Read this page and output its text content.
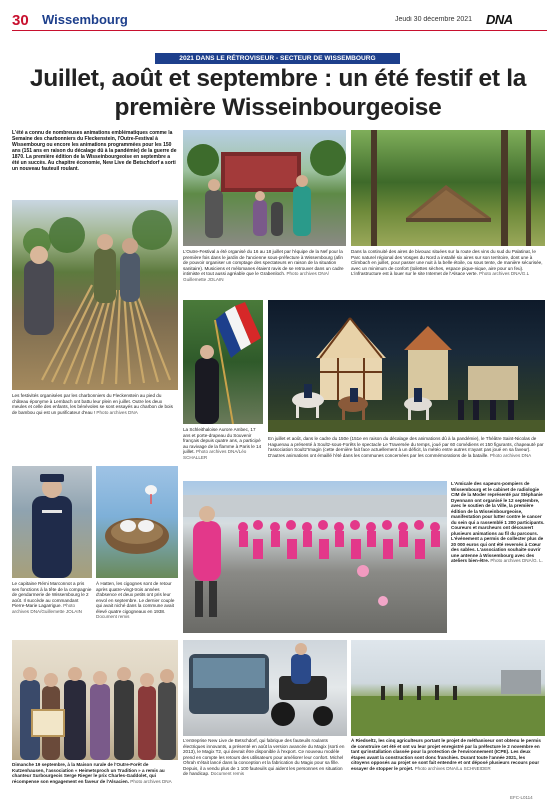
30 Wissembourg	Jeudi 30 décembre 2021 DNA
2021 DANS LE RÉTROVISEUR - SECTEUR DE WISSEMBOURG
Juillet, août et septembre : un été festif et la première Wisseinbourgeoise
L'été a connu de nombreuses animations emblématiques comme la Semaine des charbonniers du Fleckenstein, l'Outre-Festival à Wissembourg ou encore les animations programmées pour les 150 ans (151 ans en raison du décalage dû à la pandémie) de la guerre de 1870. La première édition de la Wisseinbourgeoise en septembre a été un succès. Au chapitre économie, New Live de Betschdorf a sorti un nouveau fauteuil roulant.
Les festivités organisées par les charbonniers du Fleckenstein au pied du château éponyme à Lembach ont battu leur plein en juillet. Outre les deux meules et celle des enfants, les bénévoles se sont essayés au charbon de bois de bambou qui est un purificateur d'eau ! Photo archives DNA
L'Outre-Festival a été organisé du 16 au 18 juillet par l'équipe de la Nef pour la première fois dans le jardin de l'ancienne sous-préfecture à Wissembourg (afin de pouvoir organiser un comptage des spectateurs en raison de la situation sanitaire). Musiciens et mélomanes étaient ravis de se retrouver dans un cadre intimiste et tout aussi agréable que le Grabenloch. Photo archives DNA/ Guillemette JOLAIN
Dans la continuité des aires de bivouac situées sur la route des vins du sud du Palatinat, le Parc naturel régional des Vosges du Nord a installé six aires sur son territoire, dont une à Climbach en juillet, pour passer une nuit à la belle étoile, ou sous tente, de manière sécurisée, avec un minimum de confort (toilettes sèches, espace pique-nique, aire pour un feu). L'infrastructure est à louer sur le site Internet de l'Alsace verte. Photo archives DNA/G.L
La Schleithaloise Aurore Ambec, 17 ans et porte-drapeau du Souvenir français depuis quatre ans, a participé au ravivage de la flamme à Paris le 14 juillet. Photo archives DNA/Léo SCHALLER
En juillet et août, dans le cadre du 150e (151e en raison du décalage des animations dû à la pandémie), le Théâtre Saint-Nicolas de Haguenau a présenté à Soultz-sous-Forêts le spectacle Le Traversée du temps, joué par 60 comédiens et 150 figurants, chapeauté par l'association Soultz'Imagin (cette dernière fait face actuellement à un déficit, la météo entre autres n'ayant pas joué en sa faveur). D'autres animations ont émaillé l'été dans les communes concernées par les commémorations de la bataille. Photo archives DNA
Le capitaine Rémi Marconnot a pris ses fonctions à la tête de la compagnie de gendarmerie de Wissembourg le 2 août. Il succède au commandant Pierre-Marie Lagarrigue. Photo archives DNA/Guillemette JOLAIN
À Hatten, les cigognes sont de retour après quatre-vingt-trois années d'absence et deux petits ont pris leur envol en septembre. Le dernier couple qui avait niché dans la commune avait élevé quatre cigogneaux en 1938. Document remis
L'Amicale des sapeurs-pompiers de Wissembourg et le cabinet de radiologie CIM de la Moder représenté par Stéphanie Dyennann ont organisé le 12 septembre, avec le soutien de la Ville, la première édition de la Wisseinbourgeoise, manifestation pour lutter contre le cancer du sein qui a rassemblé 1 200 participants. Coureurs et marcheurs ont découvert plusieurs animations au fil du parcours. L'événement a permis de collecter plus de 20 000 euros qui ont été reversés à Cœur des sables. L'association souhaite ouvrir une antenne à Wissembourg avec des ateliers bien-être. Photo archives DNA/G. L.
Dimanche 19 septembre, à la Maison rurale de l'Outre-Forêt de Kutzenhausen, l'association « Heimetsproch un Tradition » a remis au chanteur Surbourgeois Serge Rieger le prix Charles-Gaddolet, qui récompense son engagement en faveur de l'Alsacien. Photo archives DNA
L'entreprise New Live de Betschdorf, qui fabrique des fauteuils roulants électriques innovants, a présenté en août la version avancée du Magix (sorti en 2013), le Magix T2, qui devrait être disponible à l'export. Ce nouveau modèle prend en compte les retours des utilisateurs pour améliorer leur confort. Michel Ohrah s'était lancé dans la conception et la fabrication du Magix pour sa fille. Depuis, il a vendu plus de 1 100 fauteuils qui aident les personnes en situation de handicap. Document remis
À Riedseltz, les cinq agriculteurs portant le projet de méthaniseur ont obtenu le permis de construire cet été et ont vu leur projet enregistré par la préfecture le 2 novembre en tant qu'installation classée pour la protection de l'environnement (ICPE). Les deux étapes avant la construction sont donc franchies. Durant toute l'année 2021, les citoyens opposés au projet se sont fait entendre et ont déposé plusieurs recours pour essayer de stopper le projet. Photo archives DNA/Lu SCHNEIDER
EFC-L0114
